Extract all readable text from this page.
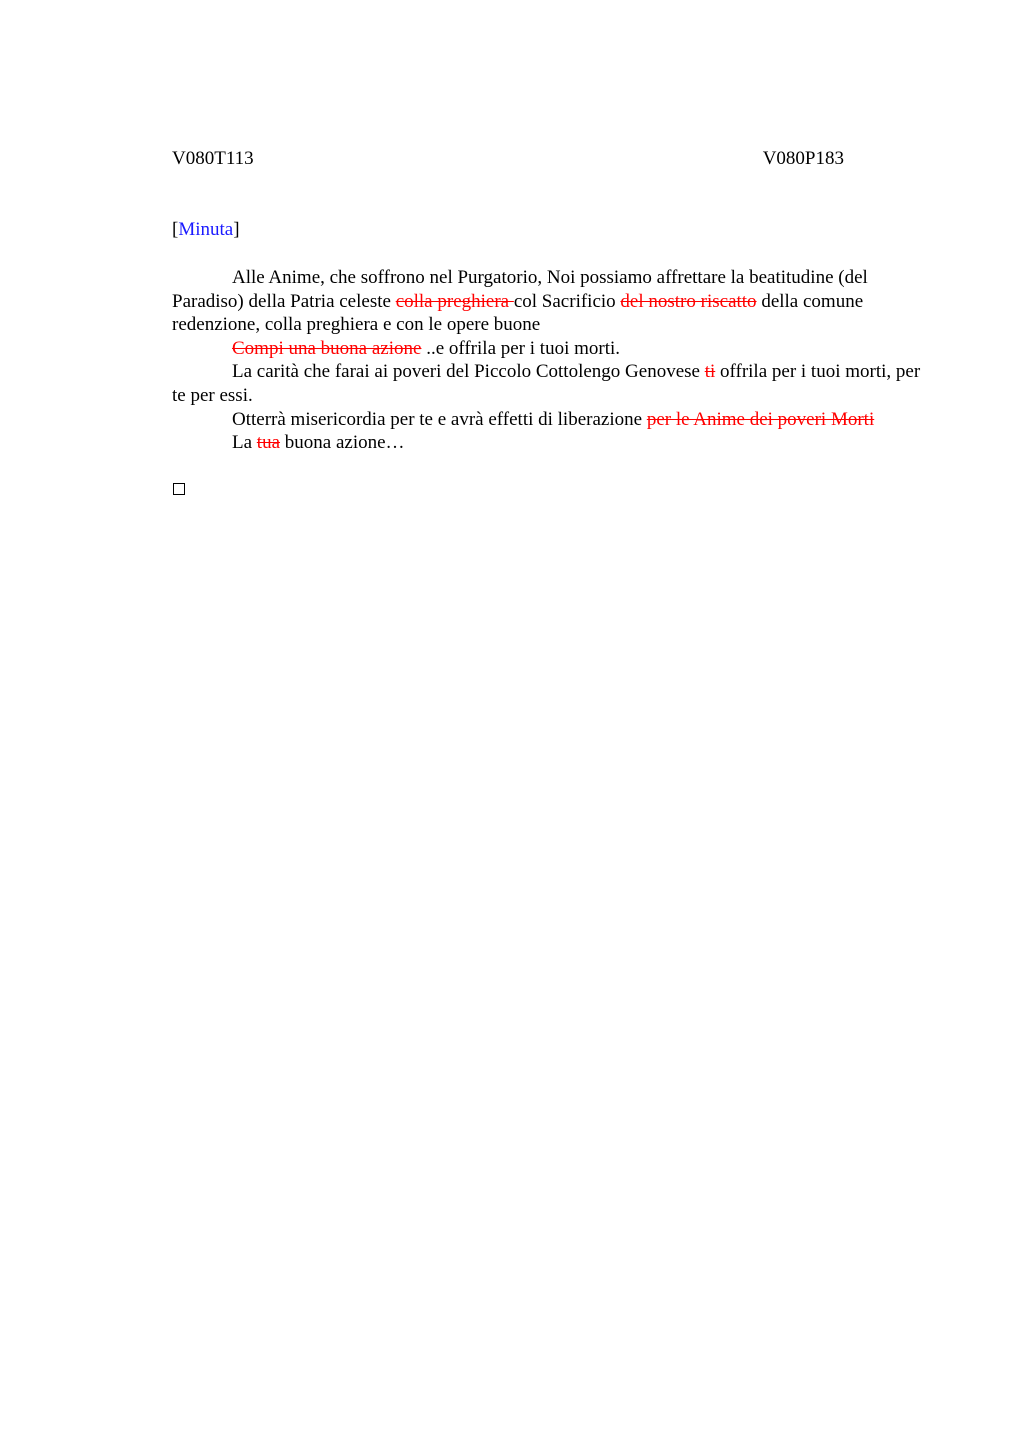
V080T113	V080P183
[Minuta]

Alle Anime, che soffrono nel Purgatorio, Noi possiamo affrettare la beatitudine (del Paradiso) della Patria celeste colla preghiera col Sacrificio del nostro riscatto della comune redenzione, colla preghiera e con le opere buone

Compi una buona azione ..e offrila per i tuoi morti.

La carità che farai ai poveri del Piccolo Cottolengo Genovese ti offrila per i tuoi morti, per te per essi.

Otterrà misericordia per te e avrà effetti di liberazione per le Anime dei poveri Morti

La tua buona azione…
